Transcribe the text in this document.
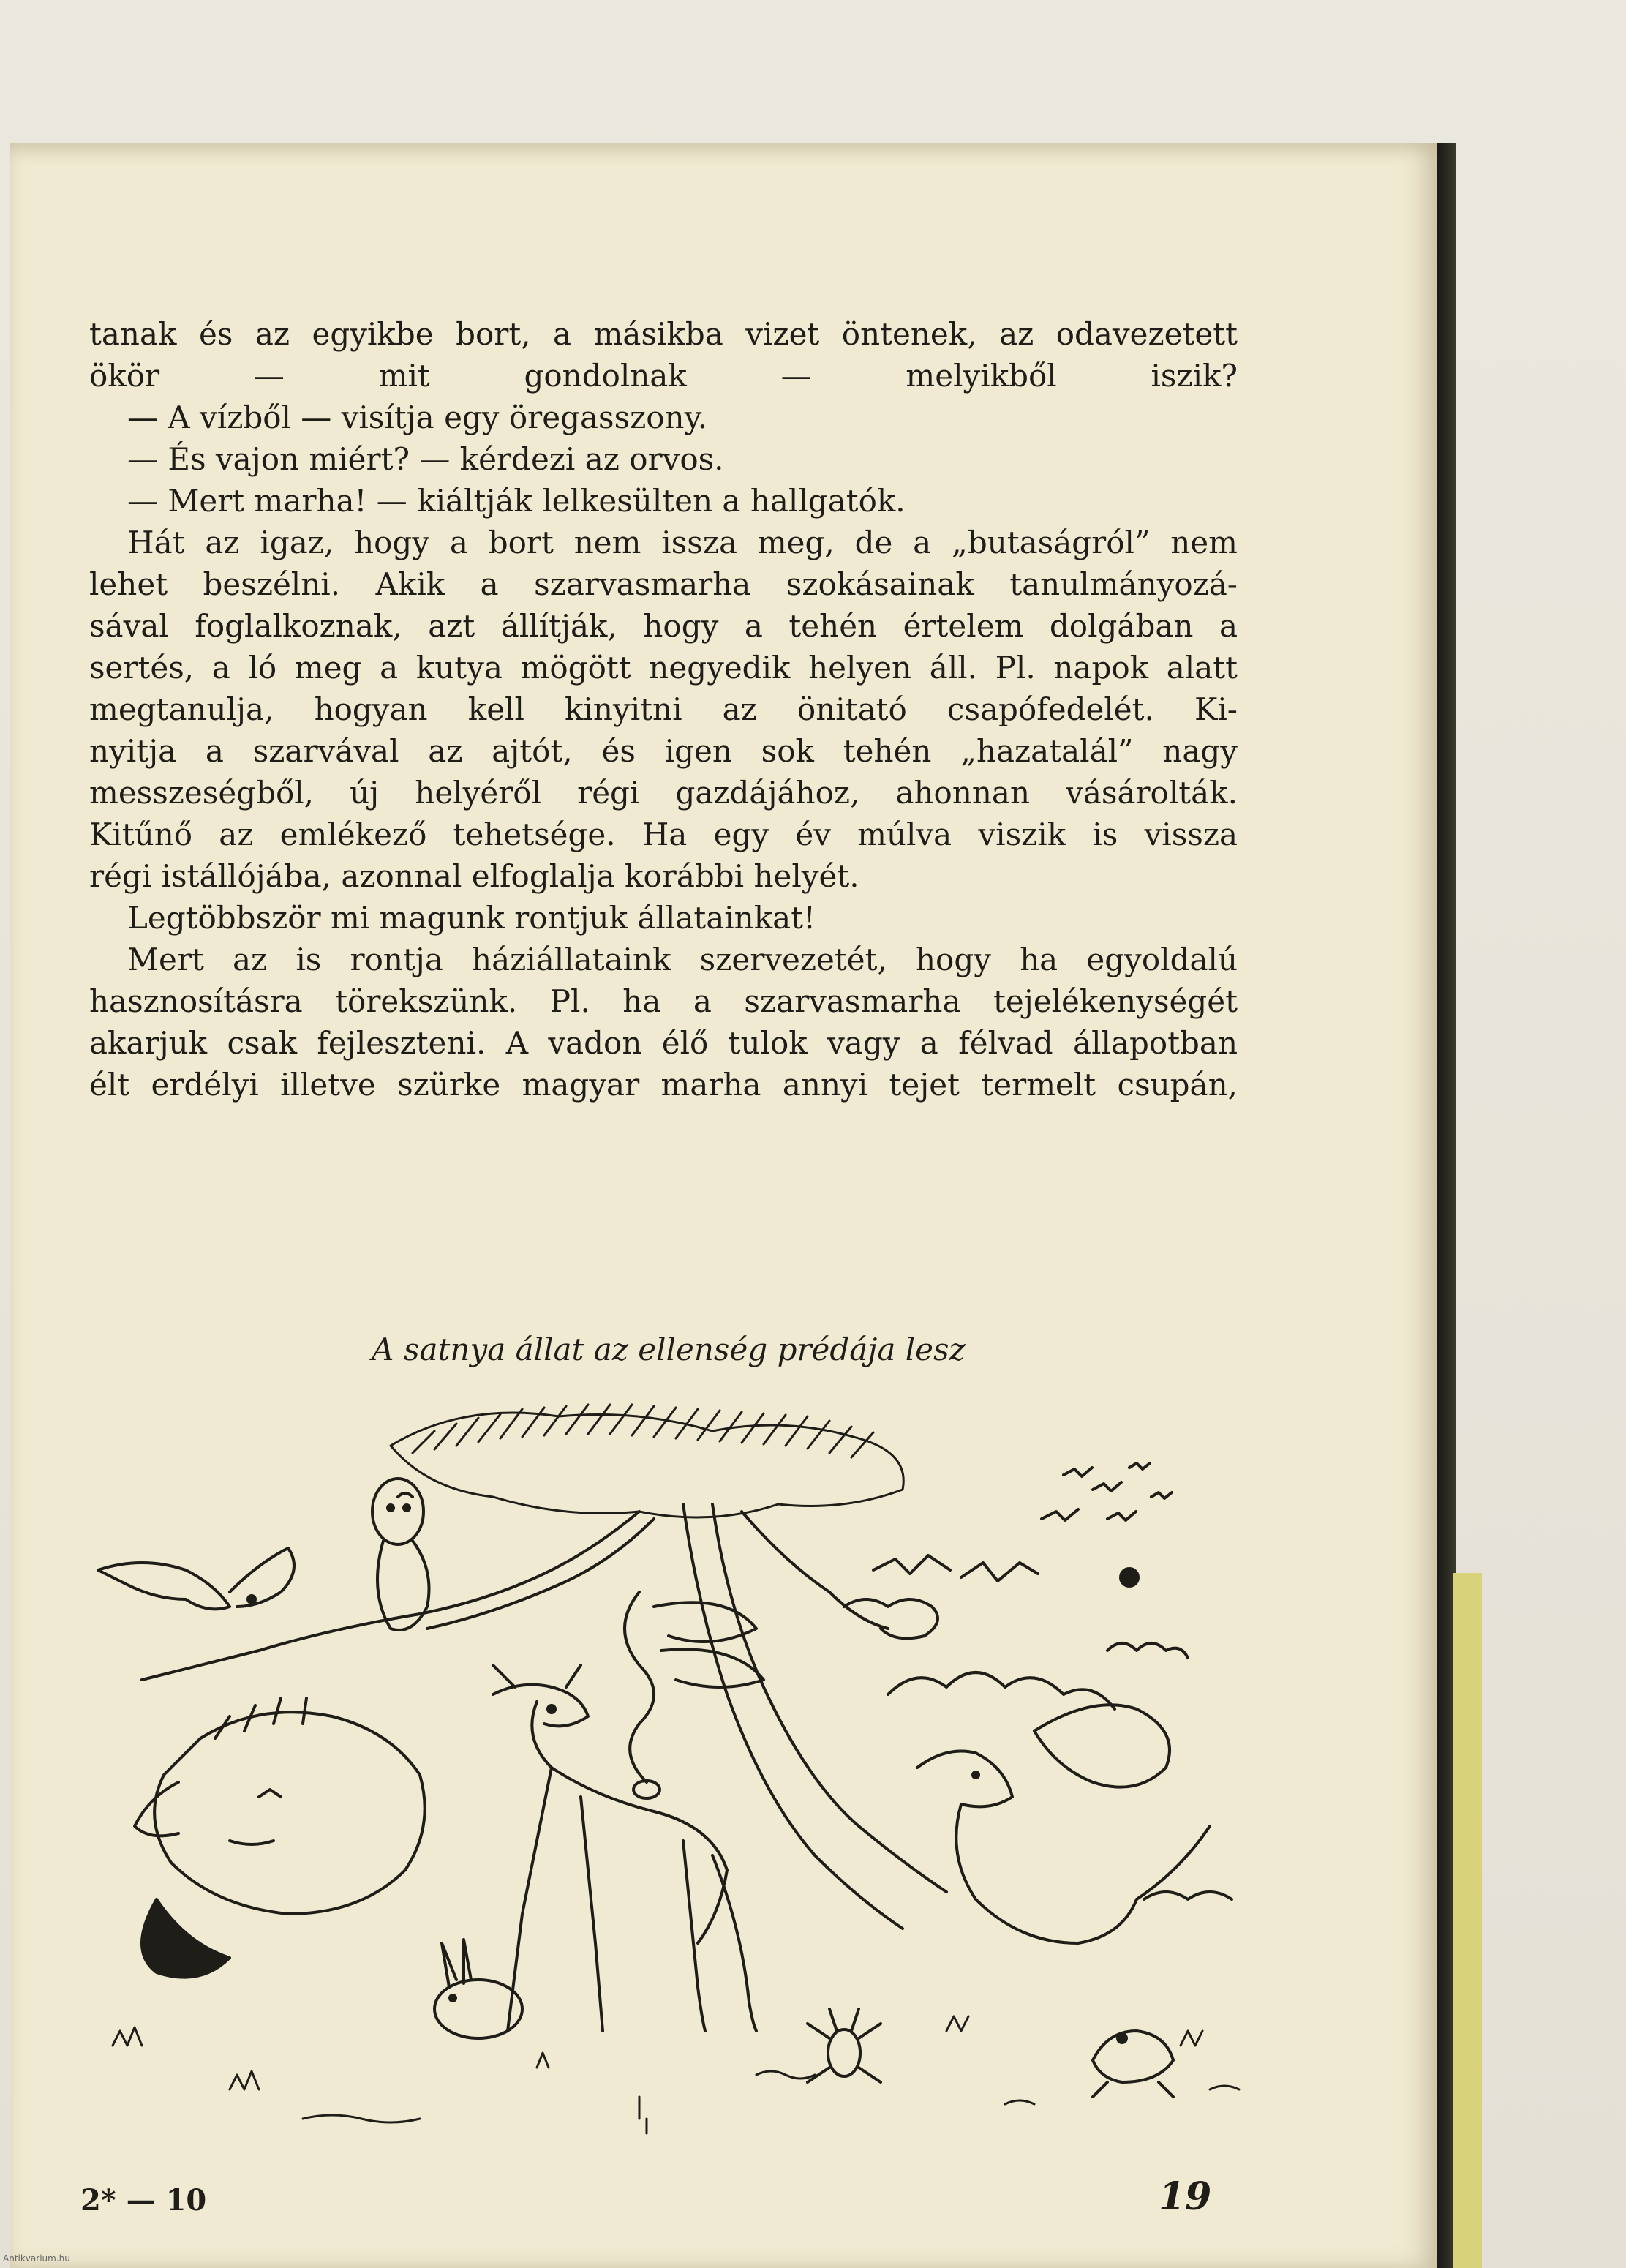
tanak és az egyikbe bort, a másikba vizet öntenek, az odavezetett
ökör — mit gondolnak — melyikből iszik?
— A vízből — visítja egy öregasszony.
— És vajon miért? — kérdezi az orvos.
— Mert marha! — kiáltják lelkesülten a hallgatók.
Hát az igaz, hogy a bort nem issza meg, de a „butaságról” nem
lehet beszélni. Akik a szarvasmarha szokásainak tanulmányozá-
sával foglalkoznak, azt állítják, hogy a tehén értelem dolgában a
sertés, a ló meg a kutya mögött negyedik helyen áll. Pl. napok alatt
megtanulja, hogyan kell kinyitni az önitató csapófedelét. Ki-
nyitja a szarvával az ajtót, és igen sok tehén „hazatalál” nagy
messzeségből, új helyéről régi gazdájához, ahonnan vásárolták.
Kitűnő az emlékező tehetsége. Ha egy év múlva viszik is vissza
régi istállójába, azonnal elfoglalja korábbi helyét.
Legtöbbször mi magunk rontjuk állatainkat!
Mert az is rontja háziállataink szervezetét, hogy ha egyoldalú
hasznosításra törekszünk. Pl. ha a szarvasmarha tejelékenységét
akarjuk csak fejleszteni. A vadon élő tulok vagy a félvad állapotban
élt erdélyi illetve szürke magyar marha annyi tejet termelt csupán,
A satnya állat az ellenség prédája lesz
2* — 10	19
Antikvarium.hu
